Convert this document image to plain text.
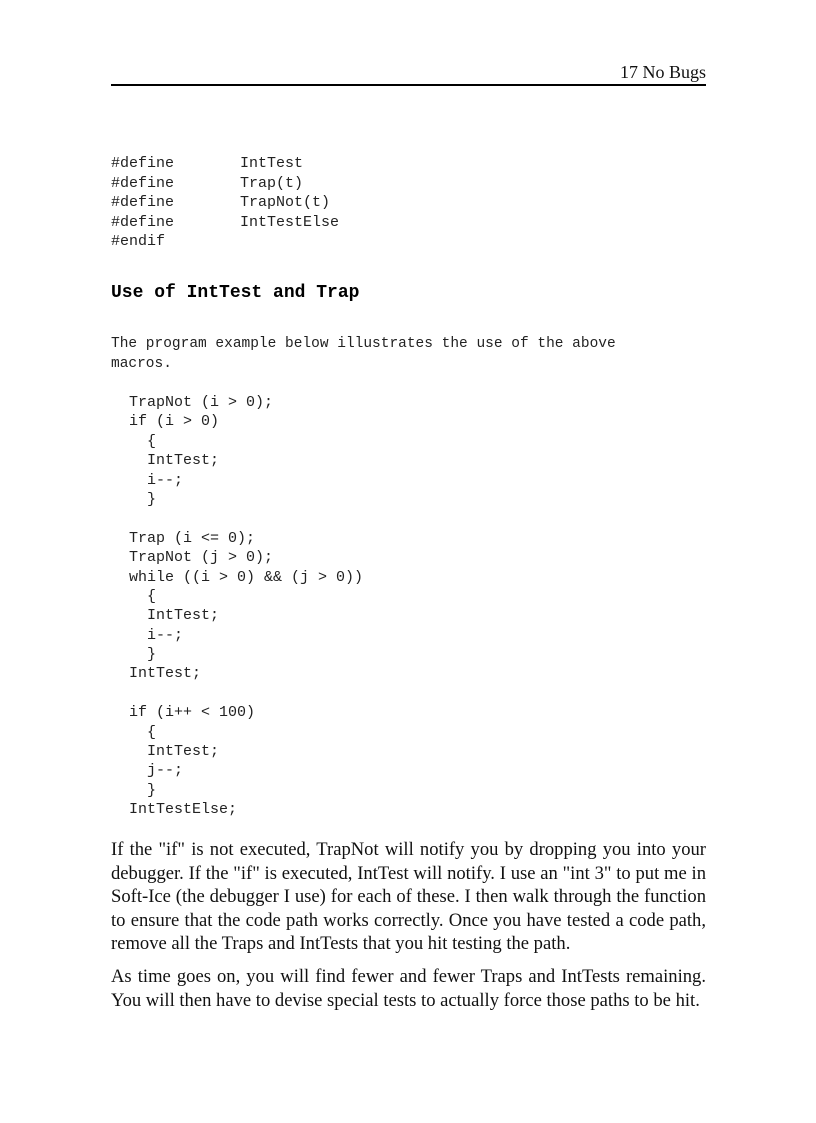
17 No Bugs
#define	IntTest
#define	Trap(t)
#define	TrapNot(t)
#define	IntTestElse
#endif
Use of IntTest and Trap
The program example below illustrates the use of the above
macros.
TrapNot (i > 0);
if (i > 0)
{
IntTest;
i--;
}
Trap (i <= 0);
TrapNot (j > 0);
while ((i > 0) && (j > 0))
{
IntTest;
i--;
}
IntTest;
if (i++ < 100)
{
IntTest;
j--;
}
IntTestElse;

If the "if" is not executed, TrapNot will notify you by dropping you into your debugger. If the "if" is executed, IntTest will notify. I use an "int 3" to put me in Soft-Ice (the debugger I use) for each of these. I then walk through the function to ensure that the code path works correctly. Once you have tested a code path, remove all the Traps and IntTests that you hit testing the path.

As time goes on, you will find fewer and fewer Traps and IntTests remaining. You will then have to devise special tests to actually force those paths to be hit.
